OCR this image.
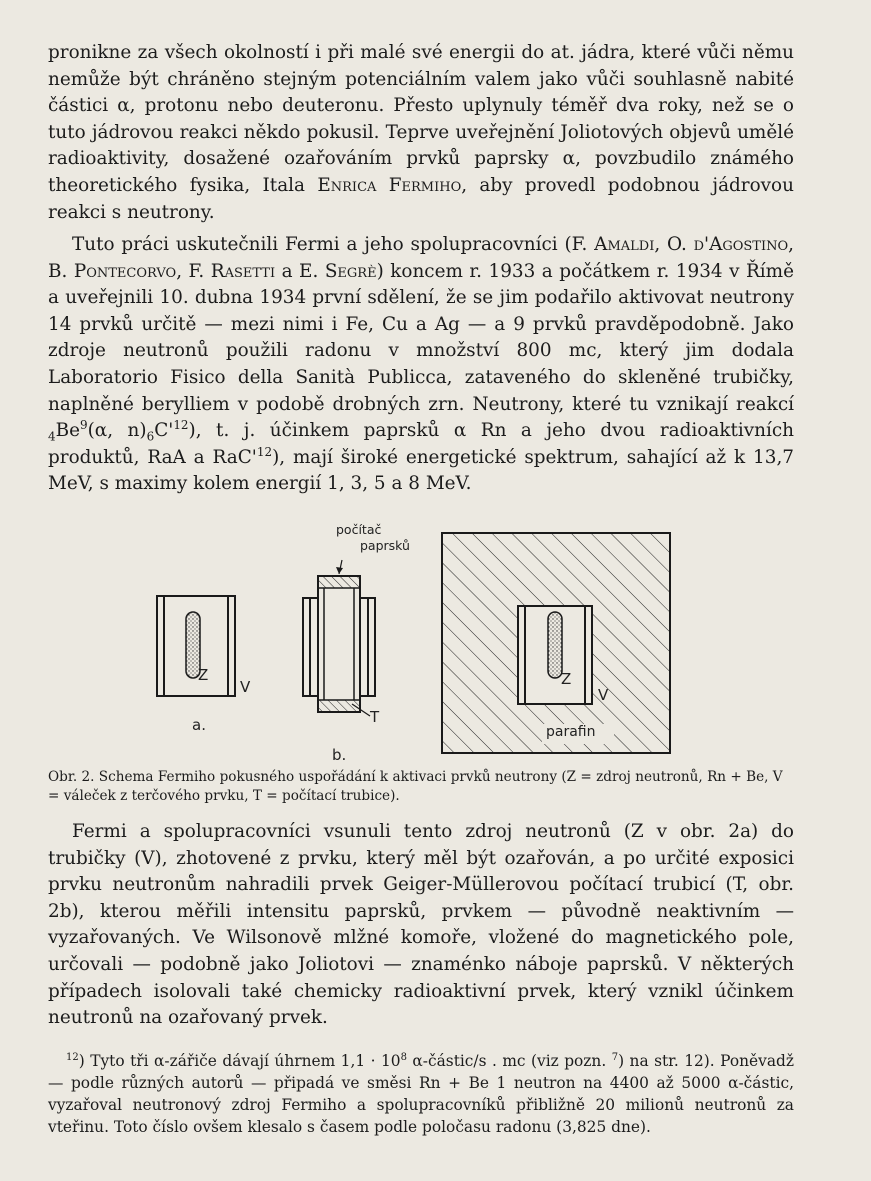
pronikne za všech okolností i při malé své energii do at. jádra, které vůči němu nemůže být chráněno stejným potenciálním valem jako vůči souhlasně nabité částici α, protonu nebo deuteronu. Přesto uplynuly téměř dva roky, než se o tuto jádrovou reakci někdo pokusil. Teprve uveřejnění Joliotových objevů umělé radioaktivity, dosažené ozařováním prvků paprsky α, povzbudilo známého theoretického fysika, Itala Enrica Fermiho, aby provedl podobnou jádrovou reakci s neutrony.

Tuto práci uskutečnili Fermi a jeho spolupracovníci (F. Amaldi, O. d'Agostino, B. Pontecorvo, F. Rasetti a E. Segrè) koncem r. 1933 a počátkem r. 1934 v Římě a uveřejnili 10. dubna 1934 první sdělení, že se jim podařilo aktivovat neutrony 14 prvků určitě — mezi nimi i Fe, Cu a Ag — a 9 prvků pravděpodobně. Jako zdroje neutronů použili radonu v množství 800 mc, který jim dodala Laboratorio Fisico della Sanità Publicca, zataveného do skleněné trubičky, naplněné berylliem v podobě drobných zrn. Neutrony, které tu vznikají reakcí $_4Be^9(\alpha$, $n)_6C'^{12}$), t. j. účinkem paprsků α Rn a jeho dvou radioaktivních produktů, RaA a $RaC'^{12}$), mají široké energetické spektrum, sahající až k 13,7 MeV, s maximy kolem energií 1, 3, 5 a 8 MeV.

Z
V
a.
počítač
paprsků
T
b.
Z
V
parafin

Obr. 2. Schema Fermiho pokusného uspořádání k aktivaci prvků neutrony (Z = zdroj neutronů, Rn + Be, V = váleček z terčového prvku, T = počítací trubice).

Fermi a spolupracovníci vsunuli tento zdroj neutronů (Z v obr. 2a) do trubičky (V), zhotovené z prvku, který měl být ozařován, a po určité exposici prvku neutronům nahradili prvek Geiger-Müllerovou počítací trubicí (T, obr. 2b), kterou měřili intensitu paprsků, prvkem — původně neaktivním — vyzařovaných. Ve Wilsonově mlžné komoře, vložené do magnetického pole, určovali — podobně jako Joliotovi — znaménko náboje paprsků. V některých případech isolovali také chemicky radioaktivní prvek, který vznikl účinkem neutronů na ozařovaný prvek.

$^{12}$) Tyto tři α-zářiče dávají úhrnem $1,1 \cdot 10^8$ α-částic/s . mc (viz pozn. $^7$) na str. 12). Poněvadž — podle různých autorů — připadá ve směsi Rn + Be 1 neutron na 4400 až 5000 α-částic, vyzařoval neutronový zdroj Fermiho a spolupracovníků přibližně 20 milionů neutronů za vteřinu. Toto číslo ovšem klesalo s časem podle poločasu radonu (3,825 dne).
